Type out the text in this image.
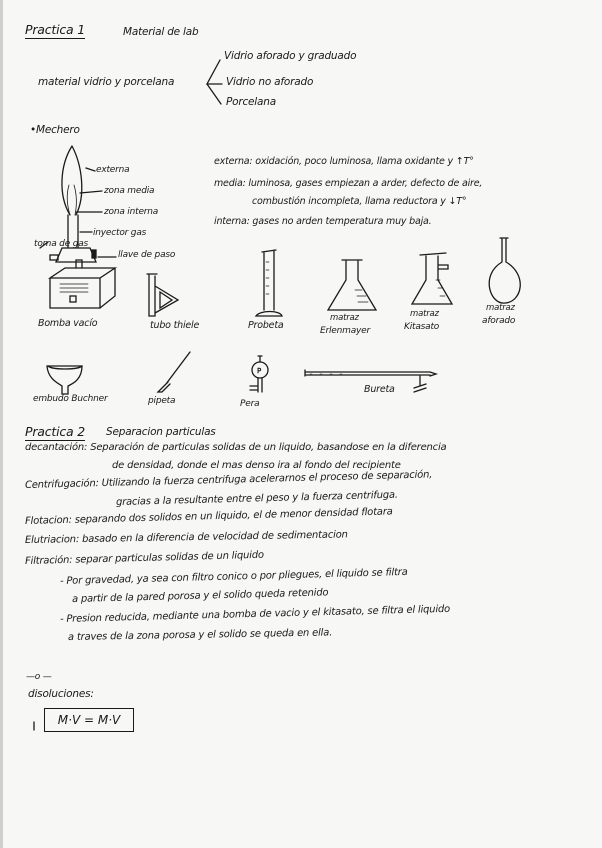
Practica 1	Material de lab
material vidrio y porcelana
Vidrio aforado y graduado
Vidrio no aforado
Porcelana
•Mechero
externa
zona media
zona interna
inyector gas
llave de paso
toma de gas
externa: oxidación, poco luminosa, llama oxidante y ↑T°
media: luminosa, gases empiezan a arder, defecto de aire,
combustión incompleta, llama reductora y ↓T°
interna: gases no arden temperatura muy baja.
Bomba vacío	tubo thiele	Probeta
matraz
Erlenmayer
matraz
Kitasato
matraz
aforado
embudo Buchner	pipeta	Pera
Bureta
Practica 2 Separacion particulas
decantación: Separación de particulas solidas de un liquido, basandose en la diferencia
de densidad, donde el mas denso ira al fondo del recipiente
Centrifugación: Utilizando la fuerza centrifuga acelerarnos el proceso de separación,
gracias a la resultante entre el peso y la fuerza centrifuga.
Flotacion: separando dos solidos en un liquido, el de menor densidad flotara
Elutriacion: basado en la diferencia de velocidad de sedimentacion
Filtración: separar particulas solidas de un liquido
- Por gravedad, ya sea con filtro conico o por pliegues, el liquido se filtra
a partir de la pared porosa y el solido queda retenido
- Presion reducida, mediante una bomba de vacio y el kitasato, se filtra el liquido
a traves de la zona porosa y el solido se queda en ella.
—o —
disoluciones:
M·V = M·V
P
